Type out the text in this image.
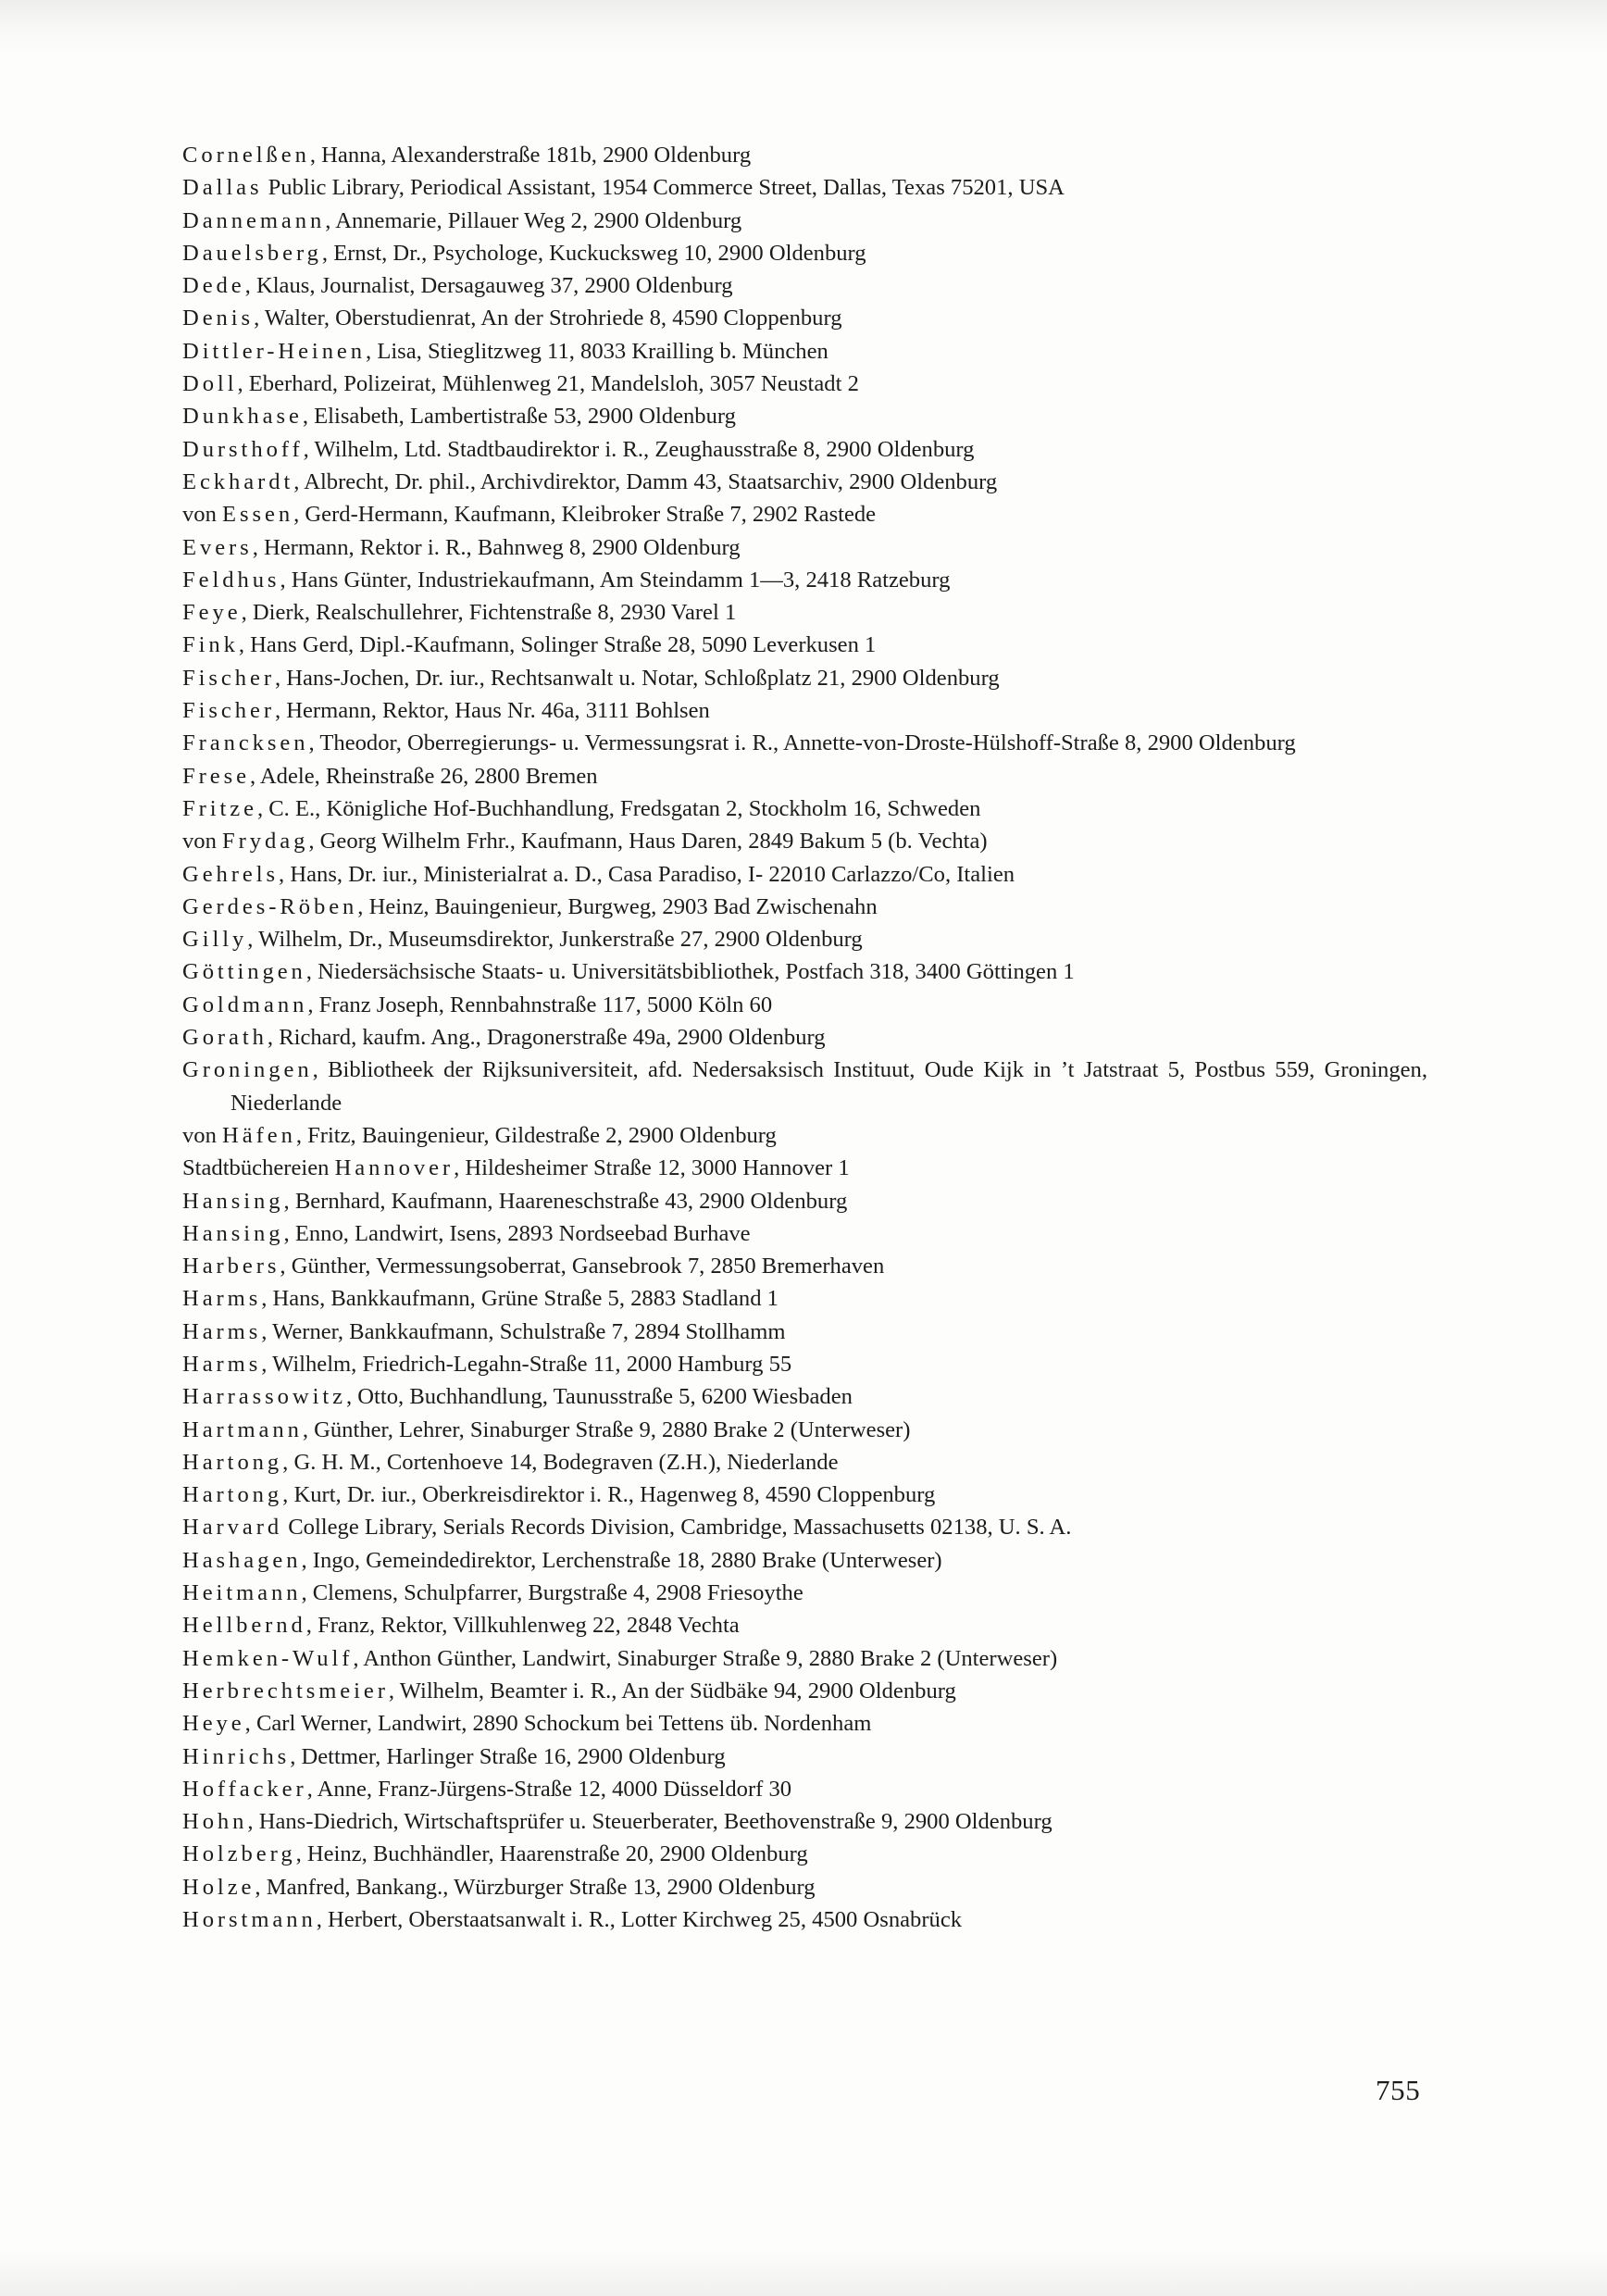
Cornelßen, Hanna, Alexanderstraße 181b, 2900 Oldenburg
Dallas Public Library, Periodical Assistant, 1954 Commerce Street, Dallas, Texas 75201, USA
Dannemann, Annemarie, Pillauer Weg 2, 2900 Oldenburg
Dauelsberg, Ernst, Dr., Psychologe, Kuckucksweg 10, 2900 Oldenburg
Dede, Klaus, Journalist, Dersagauweg 37, 2900 Oldenburg
Denis, Walter, Oberstudienrat, An der Strohriede 8, 4590 Cloppenburg
Dittler-Heinen, Lisa, Stieglitzweg 11, 8033 Krailling b. München
Doll, Eberhard, Polizeirat, Mühlenweg 21, Mandelsloh, 3057 Neustadt 2
Dunkhase, Elisabeth, Lambertistraße 53, 2900 Oldenburg
Dursthoff, Wilhelm, Ltd. Stadtbaudirektor i. R., Zeughausstraße 8, 2900 Oldenburg
Eckhardt, Albrecht, Dr. phil., Archivdirektor, Damm 43, Staatsarchiv, 2900 Oldenburg
von Essen, Gerd-Hermann, Kaufmann, Kleibroker Straße 7, 2902 Rastede
Evers, Hermann, Rektor i. R., Bahnweg 8, 2900 Oldenburg
Feldhus, Hans Günter, Industriekaufmann, Am Steindamm 1—3, 2418 Ratzeburg
Feye, Dierk, Realschullehrer, Fichtenstraße 8, 2930 Varel 1
Fink, Hans Gerd, Dipl.-Kaufmann, Solinger Straße 28, 5090 Leverkusen 1
Fischer, Hans-Jochen, Dr. iur., Rechtsanwalt u. Notar, Schloßplatz 21, 2900 Oldenburg
Fischer, Hermann, Rektor, Haus Nr. 46a, 3111 Bohlsen
Francksen, Theodor, Oberregierungs- u. Vermessungsrat i. R., Annette-von-Droste-Hülshoff-Straße 8, 2900 Oldenburg
Frese, Adele, Rheinstraße 26, 2800 Bremen
Fritze, C. E., Königliche Hof-Buchhandlung, Fredsgatan 2, Stockholm 16, Schweden
von Frydag, Georg Wilhelm Frhr., Kaufmann, Haus Daren, 2849 Bakum 5 (b. Vechta)
Gehrels, Hans, Dr. iur., Ministerialrat a. D., Casa Paradiso, I- 22010 Carlazzo/Co, Italien
Gerdes-Röben, Heinz, Bauingenieur, Burgweg, 2903 Bad Zwischenahn
Gilly, Wilhelm, Dr., Museumsdirektor, Junkerstraße 27, 2900 Oldenburg
Göttingen, Niedersächsische Staats- u. Universitätsbibliothek, Postfach 318, 3400 Göttingen 1
Goldmann, Franz Joseph, Rennbahnstraße 117, 5000 Köln 60
Gorath, Richard, kaufm. Ang., Dragonerstraße 49a, 2900 Oldenburg
Groningen, Bibliotheek der Rijksuniversiteit, afd. Nedersaksisch Instituut, Oude Kijk in ’t Jatstraat 5, Postbus 559, Groningen, Niederlande
von Häfen, Fritz, Bauingenieur, Gildestraße 2, 2900 Oldenburg
Stadtbüchereien Hannover, Hildesheimer Straße 12, 3000 Hannover 1
Hansing, Bernhard, Kaufmann, Haareneschstraße 43, 2900 Oldenburg
Hansing, Enno, Landwirt, Isens, 2893 Nordseebad Burhave
Harbers, Günther, Vermessungsoberrat, Gansebrook 7, 2850 Bremerhaven
Harms, Hans, Bankkaufmann, Grüne Straße 5, 2883 Stadland 1
Harms, Werner, Bankkaufmann, Schulstraße 7, 2894 Stollhamm
Harms, Wilhelm, Friedrich-Legahn-Straße 11, 2000 Hamburg 55
Harrassowitz, Otto, Buchhandlung, Taunusstraße 5, 6200 Wiesbaden
Hartmann, Günther, Lehrer, Sinaburger Straße 9, 2880 Brake 2 (Unterweser)
Hartong, G. H. M., Cortenhoeve 14, Bodegraven (Z.H.), Niederlande
Hartong, Kurt, Dr. iur., Oberkreisdirektor i. R., Hagenweg 8, 4590 Cloppenburg
Harvard College Library, Serials Records Division, Cambridge, Massachusetts 02138, U. S. A.
Hashagen, Ingo, Gemeindedirektor, Lerchenstraße 18, 2880 Brake (Unterweser)
Heitmann, Clemens, Schulpfarrer, Burgstraße 4, 2908 Friesoythe
Hellbernd, Franz, Rektor, Villkuhlenweg 22, 2848 Vechta
Hemken-Wulf, Anthon Günther, Landwirt, Sinaburger Straße 9, 2880 Brake 2 (Unterweser)
Herbrechtsmeier, Wilhelm, Beamter i. R., An der Südbäke 94, 2900 Oldenburg
Heye, Carl Werner, Landwirt, 2890 Schockum bei Tettens üb. Nordenham
Hinrichs, Dettmer, Harlinger Straße 16, 2900 Oldenburg
Hoffacker, Anne, Franz-Jürgens-Straße 12, 4000 Düsseldorf 30
Hohn, Hans-Diedrich, Wirtschaftsprüfer u. Steuerberater, Beethovenstraße 9, 2900 Oldenburg
Holzberg, Heinz, Buchhändler, Haarenstraße 20, 2900 Oldenburg
Holze, Manfred, Bankang., Würzburger Straße 13, 2900 Oldenburg
Horstmann, Herbert, Oberstaatsanwalt i. R., Lotter Kirchweg 25, 4500 Osnabrück
755
